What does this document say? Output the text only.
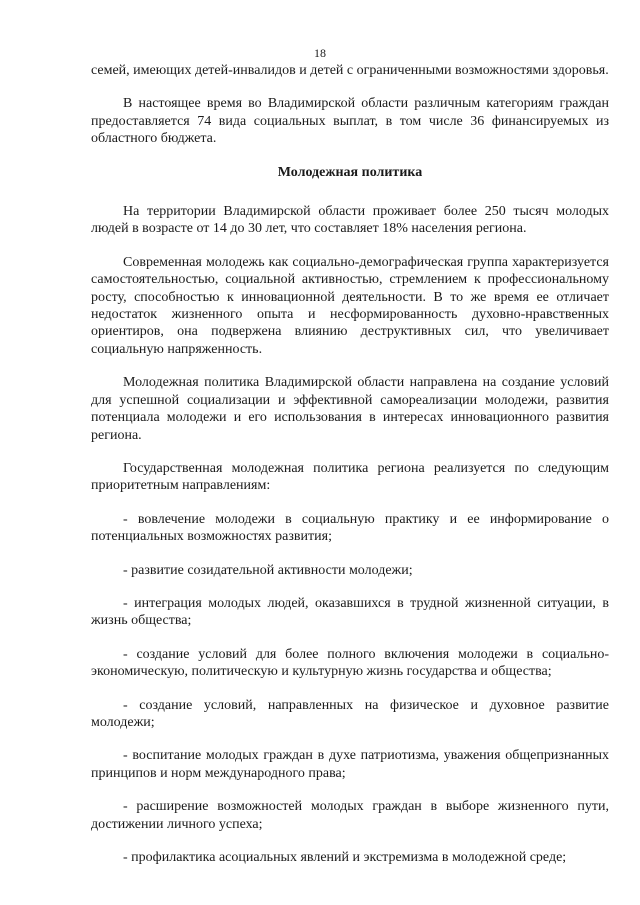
18

семей, имеющих детей-инвалидов и детей с ограниченными возможностями здоровья.

В настоящее время во Владимирской области различным категориям граждан предоставляется 74 вида социальных выплат, в том числе 36 финансируемых из областного бюджета.

Молодежная политика

На территории Владимирской области проживает более 250 тысяч молодых людей в возрасте от 14 до 30 лет, что составляет 18% населения региона.

Современная молодежь как социально-демографическая группа характеризуется самостоятельностью, социальной активностью, стремлением к профессиональному росту, способностью к инновационной деятельности. В то же время ее отличает недостаток жизненного опыта и несформированность духовно-нравственных ориентиров, она подвержена влиянию деструктивных сил, что увеличивает социальную напряженность.

Молодежная политика Владимирской области направлена на создание условий для успешной социализации и эффективной самореализации молодежи, развития потенциала молодежи и его использования в интересах инновационного развития региона.

Государственная молодежная политика региона реализуется по следующим приоритетным направлениям:

- вовлечение молодежи в социальную практику и ее информирование о потенциальных возможностях развития;

- развитие созидательной активности молодежи;

- интеграция молодых людей, оказавшихся в трудной жизненной ситуации, в жизнь общества;

- создание условий для более полного включения молодежи в социально-экономическую, политическую и культурную жизнь государства и общества;

- создание условий, направленных на физическое и духовное развитие молодежи;

- воспитание молодых граждан в духе патриотизма, уважения общепризнанных принципов и норм международного права;

- расширение возможностей молодых граждан в выборе жизненного пути, достижении личного успеха;

- профилактика асоциальных явлений и экстремизма в молодежной среде;
